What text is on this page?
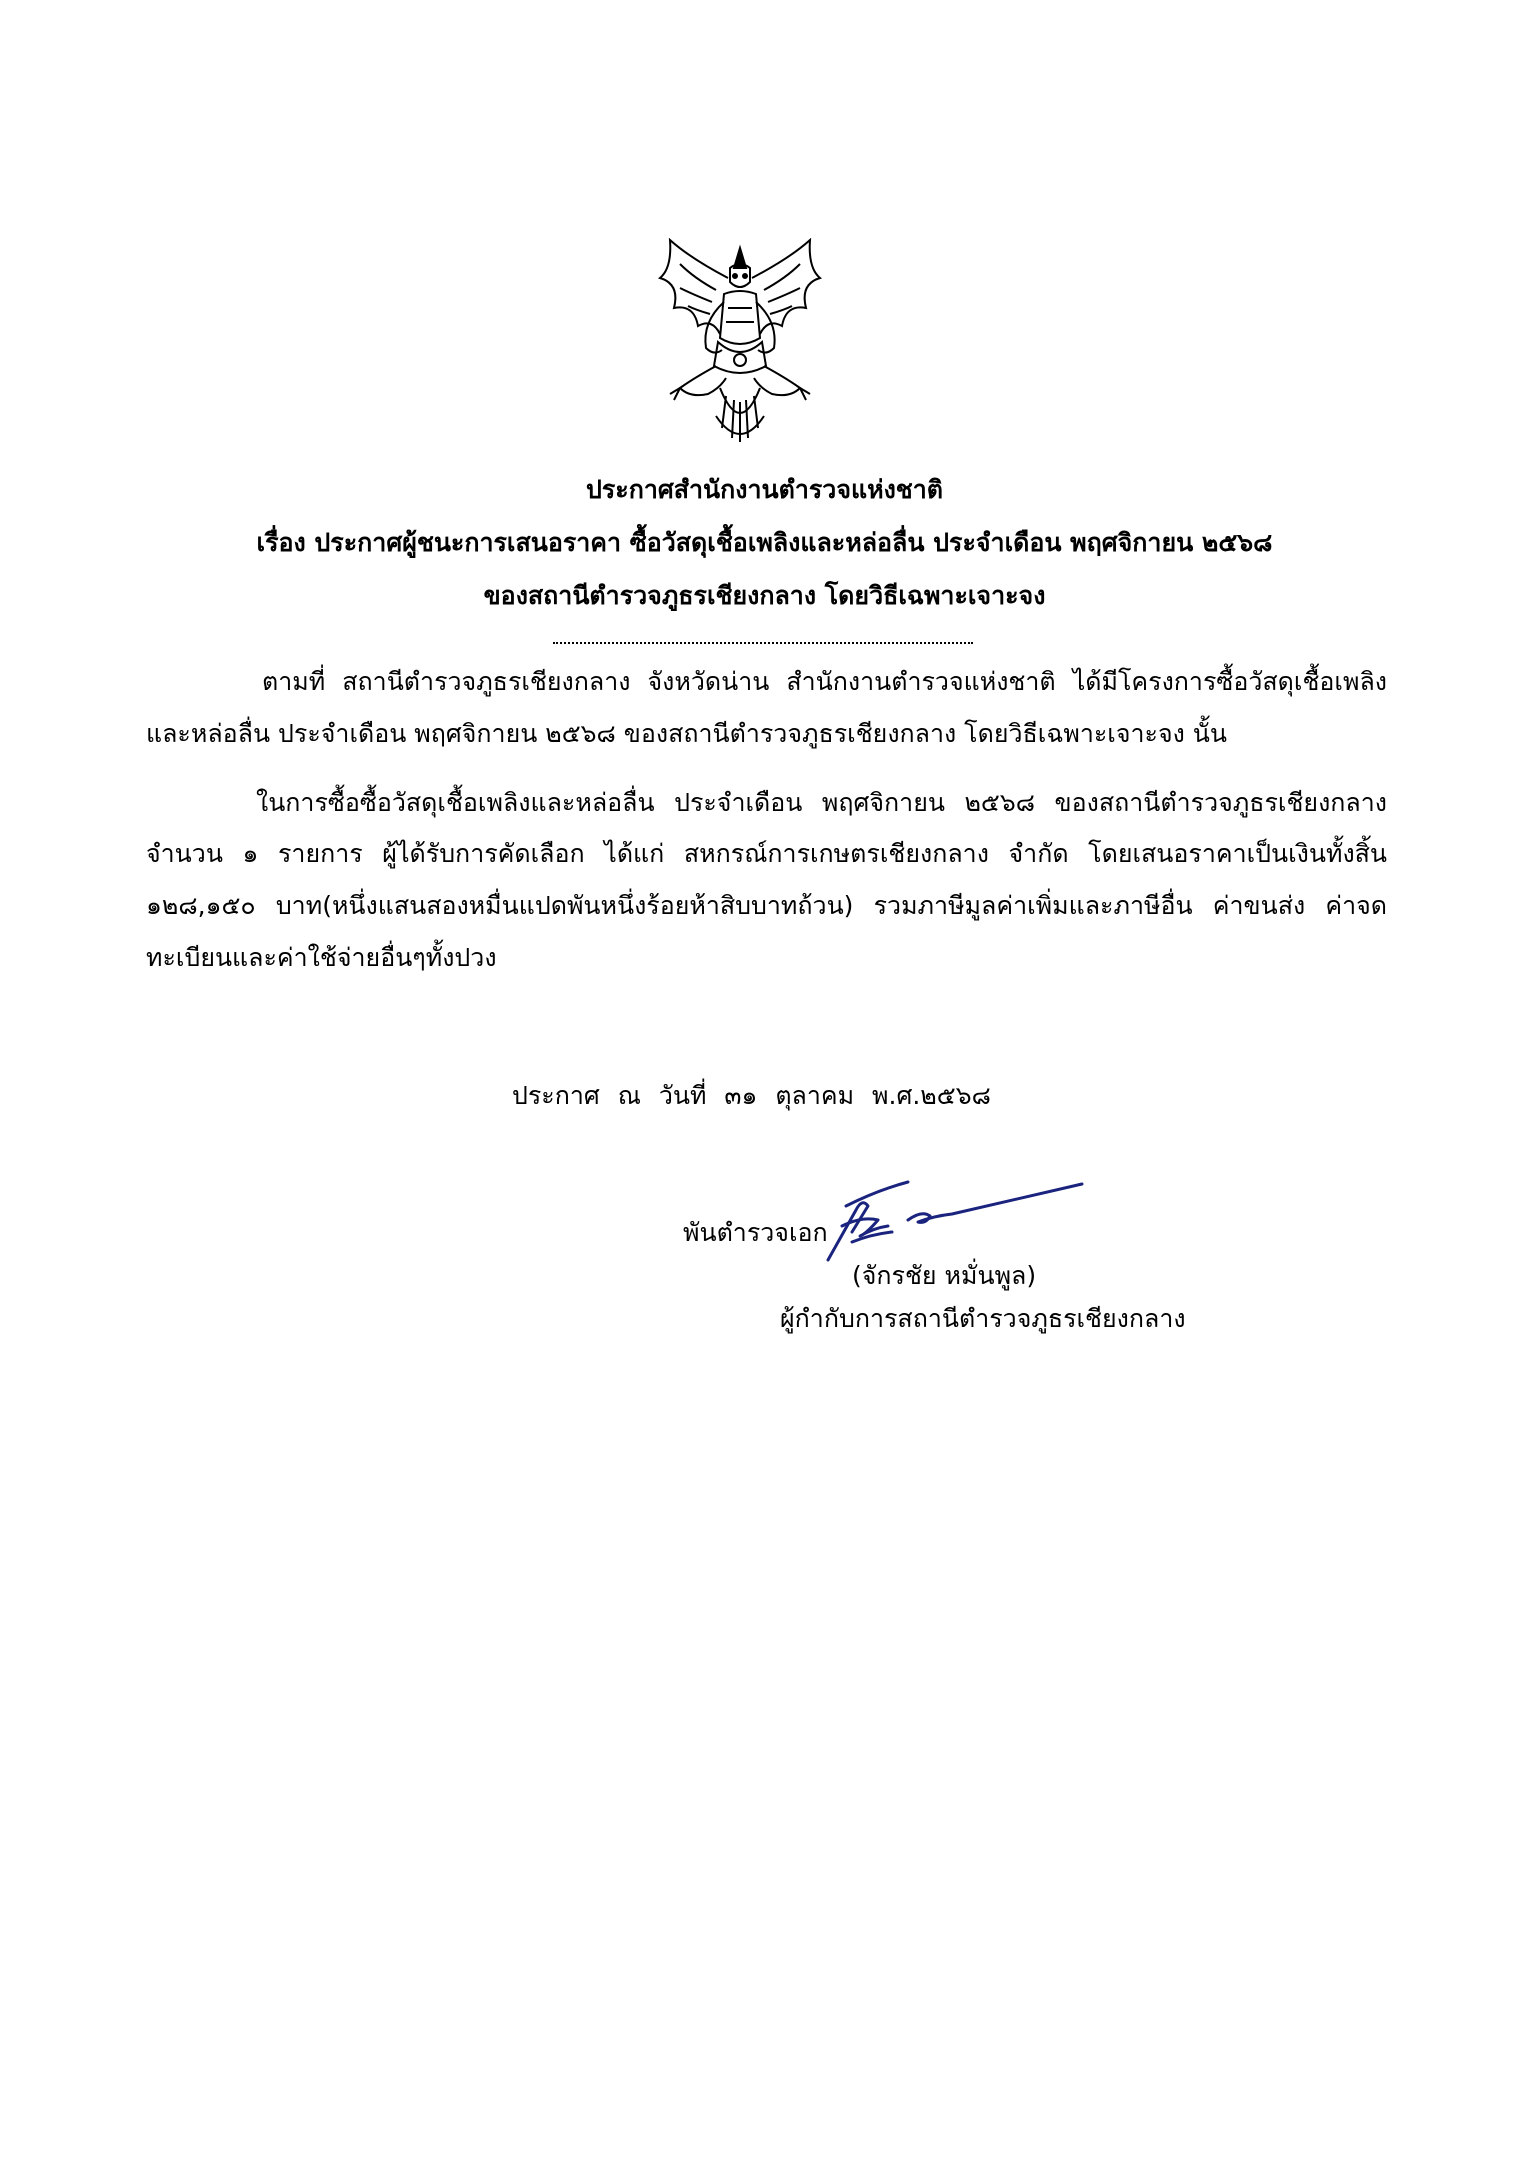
ประกาศสำนักงานตำรวจแห่งชาติ
เรื่อง ประกาศผู้ชนะการเสนอราคา ซื้อวัสดุเชื้อเพลิงและหล่อลื่น ประจำเดือน พฤศจิกายน ๒๕๖๘
ของสถานีตำรวจภูธรเชียงกลาง โดยวิธีเฉพาะเจาะจง
ตามที่ สถานีตำรวจภูธรเชียงกลาง จังหวัดน่าน สำนักงานตำรวจแห่งชาติ ได้มีโครงการซื้อวัสดุเชื้อเพลิง
และหล่อลื่น ประจำเดือน พฤศจิกายน ๒๕๖๘ ของสถานีตำรวจภูธรเชียงกลาง โดยวิธีเฉพาะเจาะจง นั้น
ในการซื้อซื้อวัสดุเชื้อเพลิงและหล่อลื่น ประจำเดือน พฤศจิกายน ๒๕๖๘ ของสถานีตำรวจภูธรเชียงกลาง
จำนวน ๑ รายการ ผู้ได้รับการคัดเลือก ได้แก่ สหกรณ์การเกษตรเชียงกลาง จำกัด โดยเสนอราคาเป็นเงินทั้งสิ้น
๑๒๘,๑๕๐ บาท(หนึ่งแสนสองหมื่นแปดพันหนึ่งร้อยห้าสิบบาทถ้วน) รวมภาษีมูลค่าเพิ่มและภาษีอื่น ค่าขนส่ง ค่าจด
ทะเบียนและค่าใช้จ่ายอื่นๆทั้งปวง
ประกาศ ณ วันที่ ๓๑ ตุลาคม พ.ศ.๒๕๖๘
พันตำรวจเอก
(จักรชัย หมั่นพูล)
ผู้กำกับการสถานีตำรวจภูธรเชียงกลาง
